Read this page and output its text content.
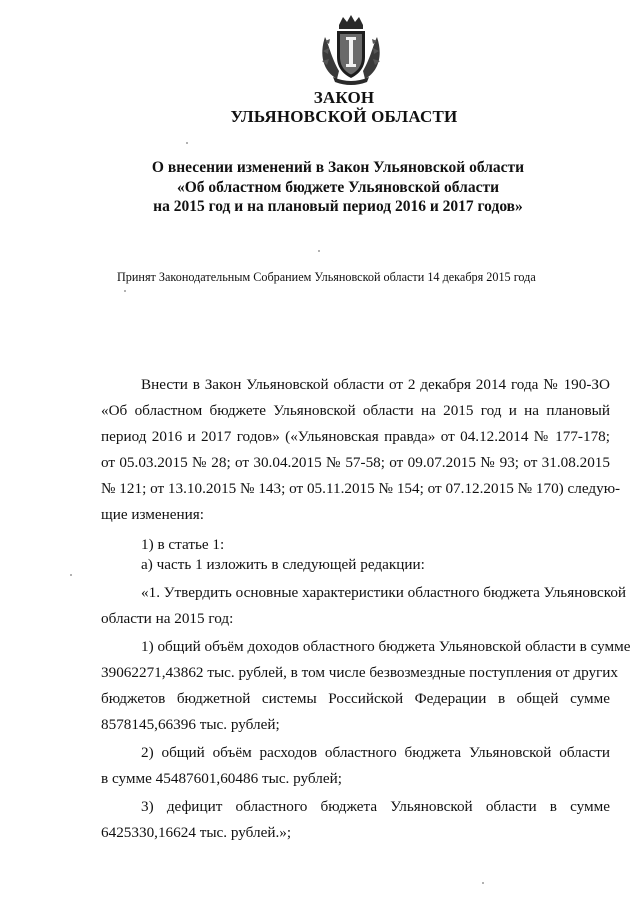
ЗАКОН
УЛЬЯНОВСКОЙ ОБЛАСТИ
О внесении изменений в Закон Ульяновской области
«Об областном бюджете Ульяновской области
на 2015 год и на плановый период 2016 и 2017 годов»
Принят Законодательным Собранием Ульяновской области 14 декабря 2015 года
Внести в Закон Ульяновской области от 2 декабря 2014 года № 190-ЗО
«Об областном бюджете Ульяновской области на 2015 год и на плановый
период 2016 и 2017 годов» («Ульяновская правда» от 04.12.2014 № 177-178;
от 05.03.2015 № 28; от 30.04.2015 № 57-58; от 09.07.2015 № 93; от 31.08.2015
№ 121; от 13.10.2015 № 143; от 05.11.2015 № 154; от 07.12.2015 № 170) следую-
щие изменения:
1) в статье 1:
а) часть 1 изложить в следующей редакции:
«1. Утвердить основные характеристики областного бюджета Ульяновской
области на 2015 год:
1) общий объём доходов областного бюджета Ульяновской области в сумме
39062271,43862 тыс. рублей, в том числе безвозмездные поступления от других
бюджетов бюджетной системы Российской Федерации в общей сумме
8578145,66396 тыс. рублей;
2) общий объём расходов областного бюджета Ульяновской области
в сумме 45487601,60486 тыс. рублей;
3) дефицит областного бюджета Ульяновской области в сумме
6425330,16624 тыс. рублей.»;
